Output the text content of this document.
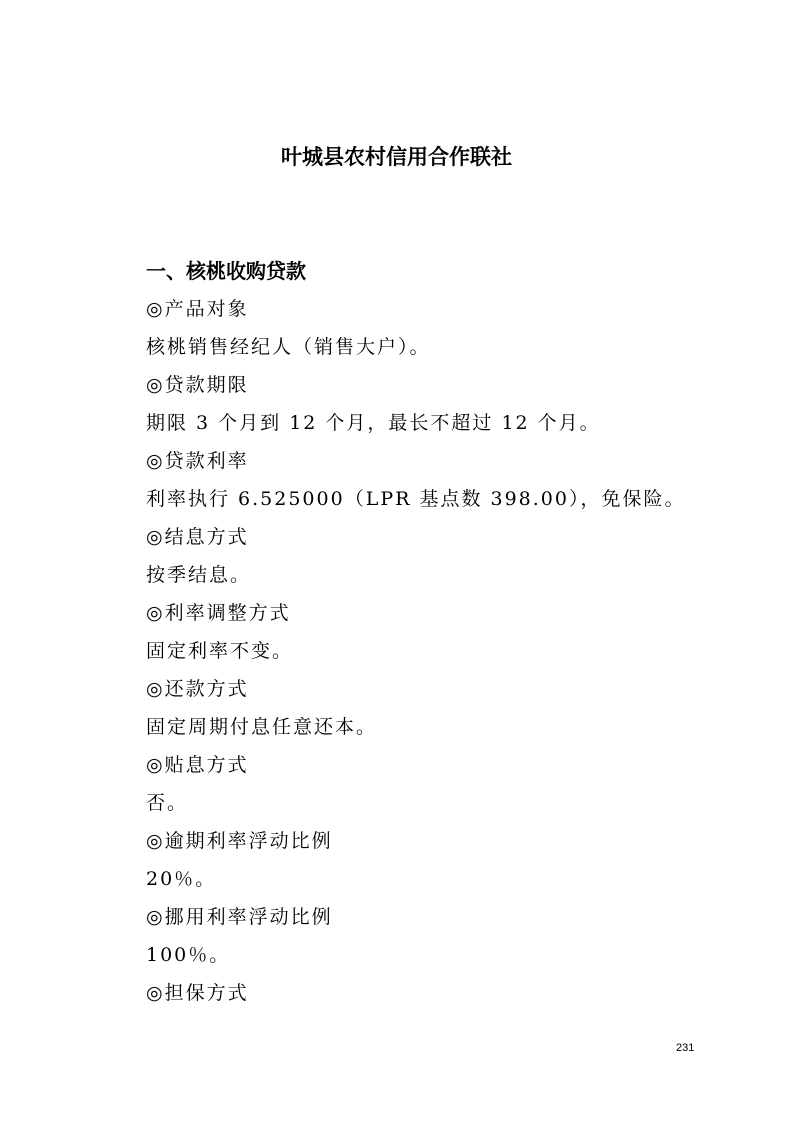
叶城县农村信用合作联社
一、核桃收购贷款
◎产品对象
核桃销售经纪人（销售大户）。
◎贷款期限
期限 3 个月到 12 个月，最长不超过 12 个月。
◎贷款利率
利率执行 6.525000（LPR 基点数 398.00），免保险。
◎结息方式
按季结息。
◎利率调整方式
固定利率不变。
◎还款方式
固定周期付息任意还本。
◎贴息方式
否。
◎逾期利率浮动比例
20％。
◎挪用利率浮动比例
100％。
◎担保方式
231
